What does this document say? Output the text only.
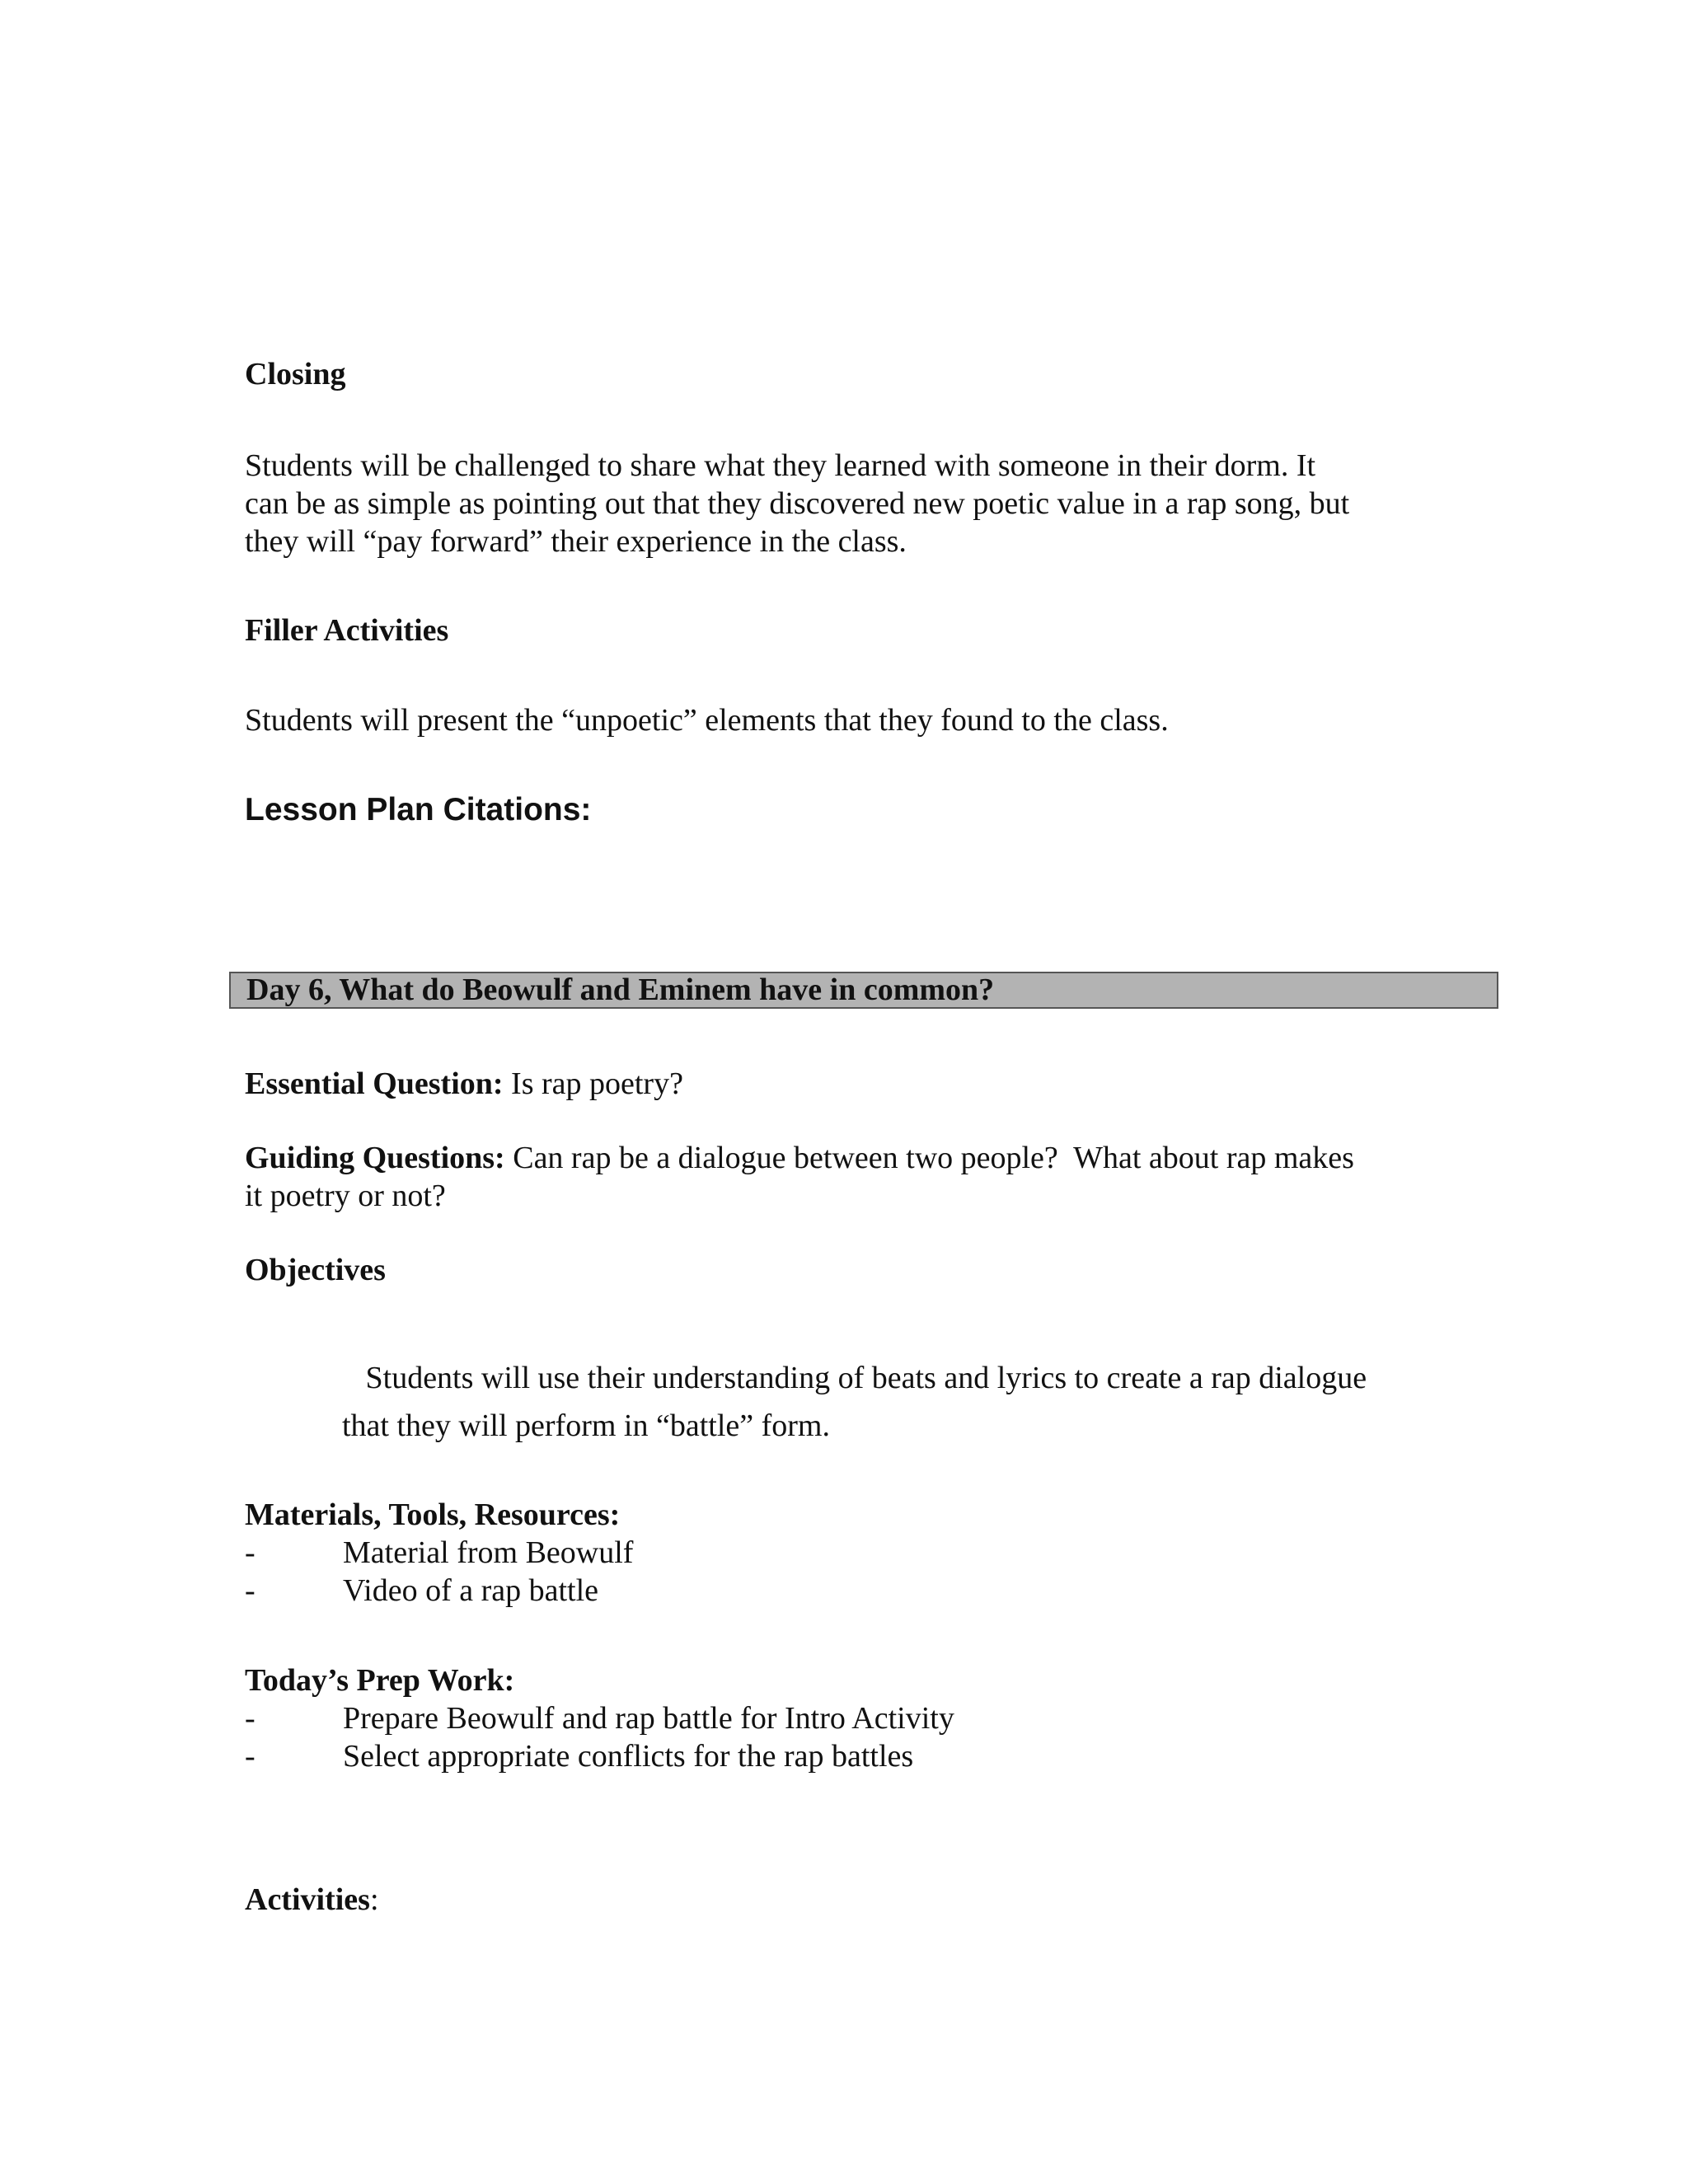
Closing
Students will be challenged to share what they learned with someone in their dorm. It
can be as simple as pointing out that they discovered new poetic value in a rap song, but
they will “pay forward” their experience in the class.
Filler Activities
Students will present the “unpoetic” elements that they found to the class.
Lesson Plan Citations:
Day 6, What do Beowulf and Eminem have in common?
Essential Question: Is rap poetry?
Guiding Questions: Can rap be a dialogue between two people?  What about rap makes
it poetry or not?
Objectives
Students will use their understanding of beats and lyrics to create a rap dialogue
that they will perform in “battle” form.
Materials, Tools, Resources:
-	Material from Beowulf
-	Video of a rap battle
Today’s Prep Work:
-	Prepare Beowulf and rap battle for Intro Activity
-	Select appropriate conflicts for the rap battles
Activities:
